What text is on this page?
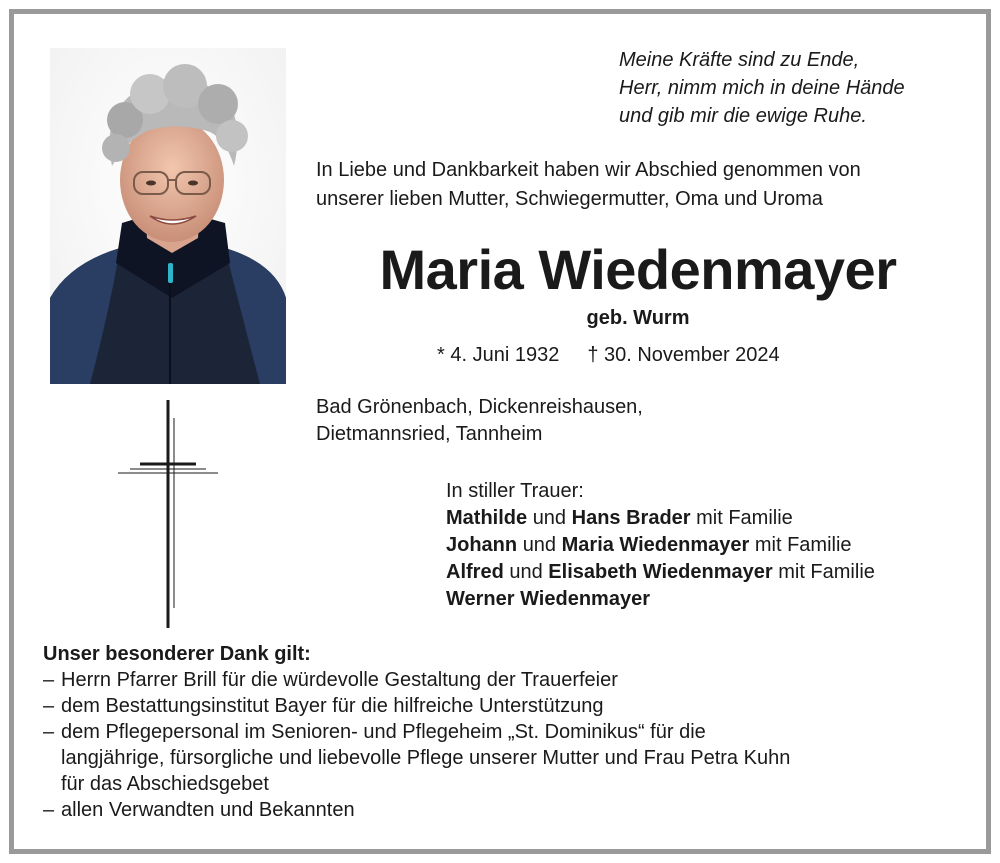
Meine Kräfte sind zu Ende,
Herr, nimm mich in deine Hände
und gib mir die ewige Ruhe.
In Liebe und Dankbarkeit haben wir Abschied genommen von
unserer lieben Mutter, Schwiegermutter, Oma und Uroma
Maria Wiedenmayer
geb. Wurm
* 4. Juni 1932 † 30. November 2024
Bad Grönenbach, Dickenreishausen,
Dietmannsried, Tannheim
In stiller Trauer:
Mathilde und Hans Brader mit Familie
Johann und Maria Wiedenmayer mit Familie
Alfred und Elisabeth Wiedenmayer mit Familie
Werner Wiedenmayer
Unser besonderer Dank gilt:
– Herrn Pfarrer Brill für die würdevolle Gestaltung der Trauerfeier
– dem Bestattungsinstitut Bayer für die hilfreiche Unterstützung
– dem Pflegepersonal im Senioren- und Pflegeheim „St. Dominikus“ für die
langjährige, fürsorgliche und liebevolle Pflege unserer Mutter und Frau Petra Kuhn
für das Abschiedsgebet
– allen Verwandten und Bekannten
